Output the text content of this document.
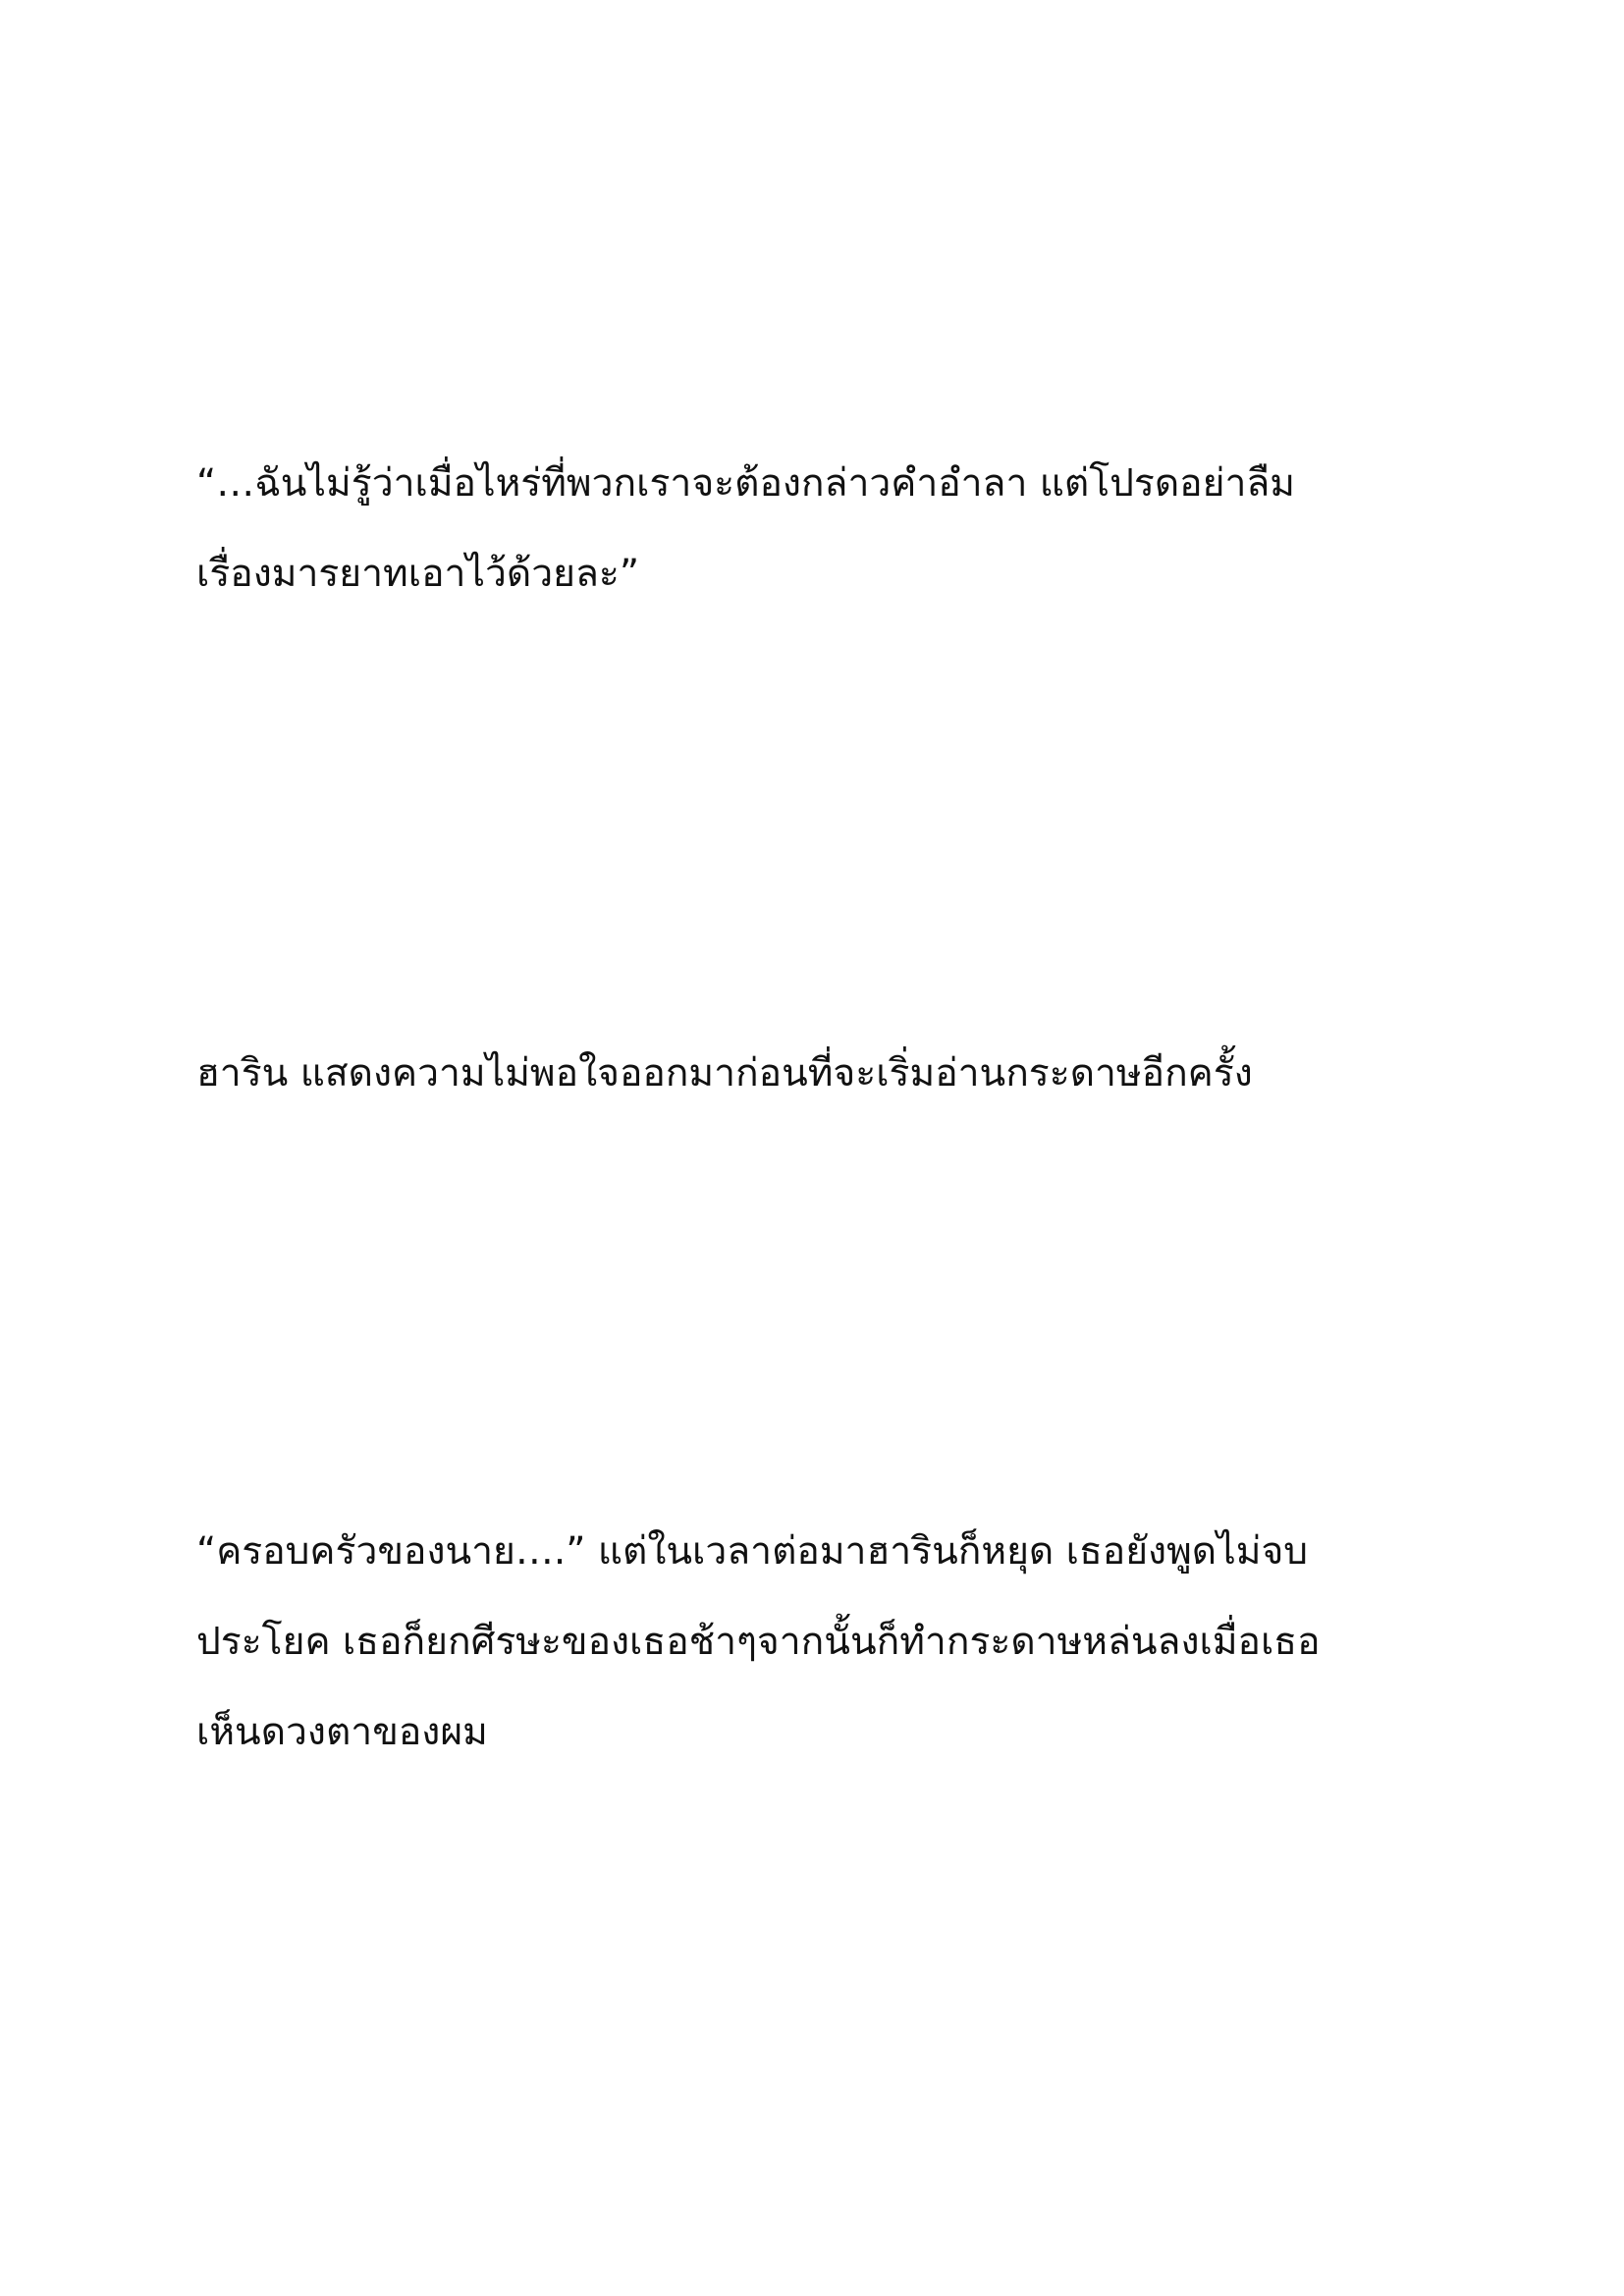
“…ฉันไม่รู้ว่าเมื่อไหร่ที่พวกเราจะต้องกล่าวคำอำลา แต่โปรดอย่าลืม
เรื่องมารยาทเอาไว้ด้วยละ”

ฮาริน แสดงความไม่พอใจออกมาก่อนที่จะเริ่มอ่านกระดาษอีกครั้ง

“ครอบครัวของนาย….” แต่ในเวลาต่อมาฮารินก็หยุด เธอยังพูดไม่จบ
ประโยค เธอก็ยกศีรษะของเธอช้าๆจากนั้นก็ทำกระดาษหล่นลงเมื่อเธอ
เห็นดวงตาของผม
